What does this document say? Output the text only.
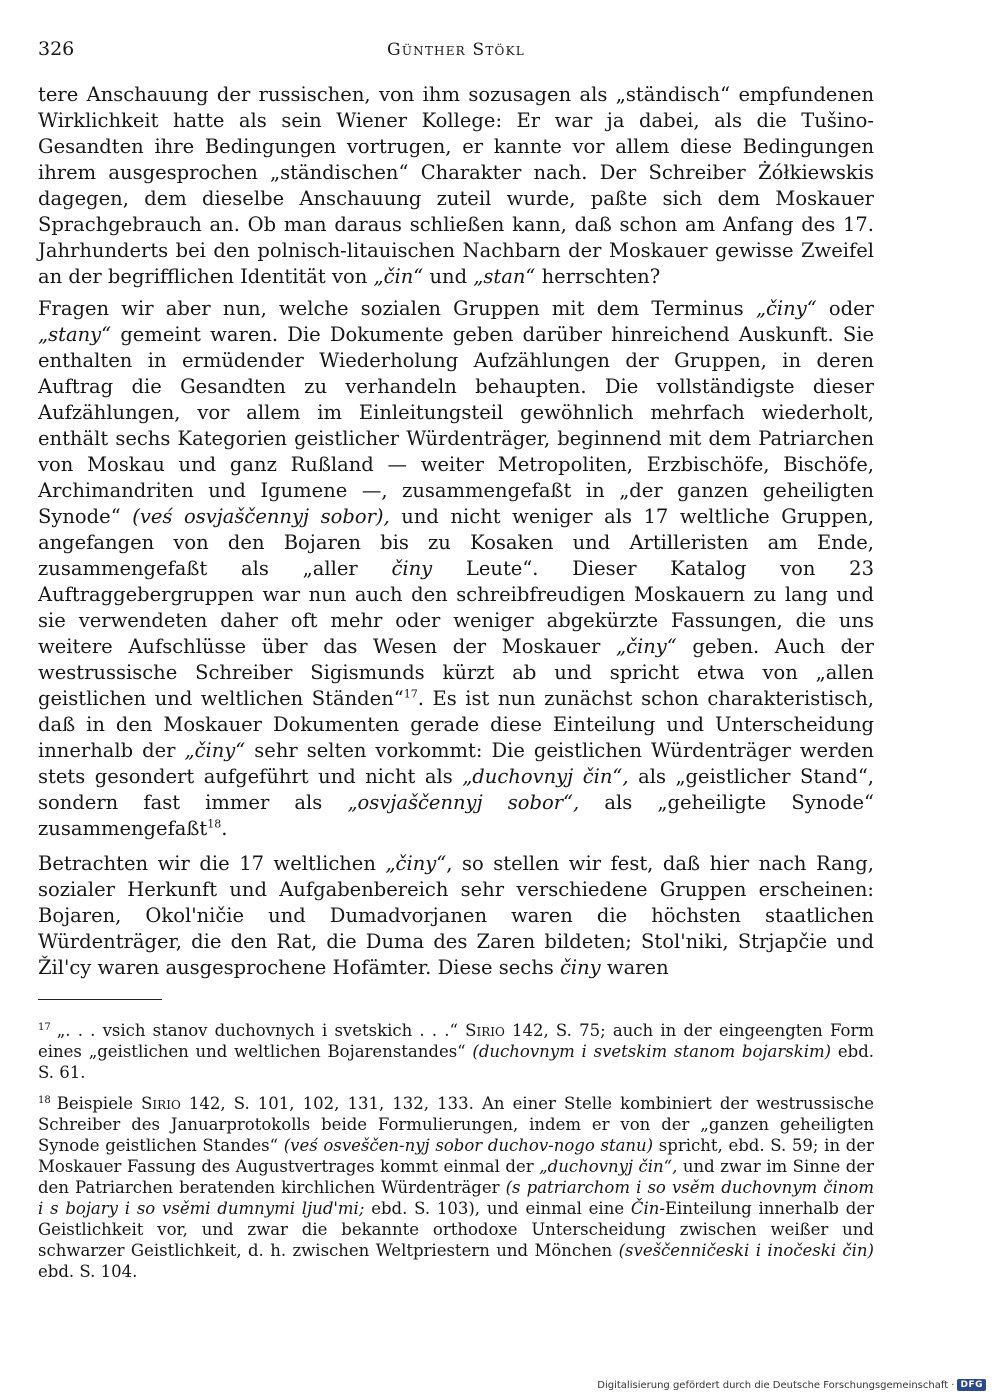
326	Günther Stökl

tere Anschauung der russischen, von ihm sozusagen als „ständisch“ empfundenen Wirklichkeit hatte als sein Wiener Kollege: Er war ja dabei, als die Tušino-Gesandten ihre Bedingungen vortrugen, er kannte vor allem diese Bedingungen ihrem ausgesprochen „ständischen“ Charakter nach. Der Schreiber Żółkiewskis dagegen, dem dieselbe Anschauung zuteil wurde, paßte sich dem Moskauer Sprachgebrauch an. Ob man daraus schließen kann, daß schon am Anfang des 17. Jahrhunderts bei den polnisch-litauischen Nachbarn der Moskauer gewisse Zweifel an der begrifflichen Identität von „čin“ und „stan“ herrschten?

Fragen wir aber nun, welche sozialen Gruppen mit dem Terminus „činy“ oder „stany“ gemeint waren. Die Dokumente geben darüber hinreichend Auskunft. Sie enthalten in ermüdender Wiederholung Aufzählungen der Gruppen, in deren Auftrag die Gesandten zu verhandeln behaupten. Die vollständigste dieser Aufzählungen, vor allem im Einleitungsteil gewöhnlich mehrfach wiederholt, enthält sechs Kategorien geistlicher Würdenträger, beginnend mit dem Patriarchen von Moskau und ganz Rußland — weiter Metropoliten, Erzbischöfe, Bischöfe, Archimandriten und Igumene —, zusammengefaßt in „der ganzen geheiligten Synode“ (veś osvjaščennyj sobor), und nicht weniger als 17 weltliche Gruppen, angefangen von den Bojaren bis zu Kosaken und Artilleristen am Ende, zusammengefaßt als „aller činy Leute“. Dieser Katalog von 23 Auftraggebergruppen war nun auch den schreibfreudigen Moskauern zu lang und sie verwendeten daher oft mehr oder weniger abgekürzte Fassungen, die uns weitere Aufschlüsse über das Wesen der Moskauer „činy“ geben. Auch der westrussische Schreiber Sigismunds kürzt ab und spricht etwa von „allen geistlichen und weltlichen Ständen“$^{17}$. Es ist nun zunächst schon charakteristisch, daß in den Moskauer Dokumenten gerade diese Einteilung und Unterscheidung innerhalb der „činy“ sehr selten vorkommt: Die geistlichen Würdenträger werden stets gesondert aufgeführt und nicht als „duchovnyj čin“, als „geistlicher Stand“, sondern fast immer als „osvjaščennyj sobor“, als „geheiligte Synode“ zusammengefaßt$^{18}$.

Betrachten wir die 17 weltlichen „činy“, so stellen wir fest, daß hier nach Rang, sozialer Herkunft und Aufgabenbereich sehr verschiedene Gruppen erscheinen: Bojaren, Okol'ničie und Dumadvorjanen waren die höchsten staatlichen Würdenträger, die den Rat, die Duma des Zaren bildeten; Stol'niki, Strjapčie und Žil'cy waren ausgesprochene Hofämter. Diese sechs činy waren

$^{17}$ „. . . vsich stanov duchovnych i svetskich . . .“ Sirio 142, S. 75; auch in der eingeengten Form eines „geistlichen und weltlichen Bojarenstandes“ (duchovnym i svetskim stanom bojarskim) ebd. S. 61.

$^{18}$ Beispiele Sirio 142, S. 101, 102, 131, 132, 133. An einer Stelle kombiniert der westrussische Schreiber des Januarprotokolls beide Formulierungen, indem er von der „ganzen geheiligten Synode geistlichen Standes“ (veś osveščen-nyj sobor duchov-nogo stanu) spricht, ebd. S. 59; in der Moskauer Fassung des Augustvertrages kommt einmal der „duchovnyj čin“, und zwar im Sinne der den Patriarchen beratenden kirchlichen Würdenträger (s patriarchom i so vsěm duchovnym činom i s bojary i so vsěmi dumnymi ljud'mi; ebd. S. 103), und einmal eine Čin-Einteilung innerhalb der Geistlichkeit vor, und zwar die bekannte orthodoxe Unterscheidung zwischen weißer und schwarzer Geistlichkeit, d. h. zwischen Weltpriestern und Mönchen (sveščenničeski i inočeski čin) ebd. S. 104.

Digitalisierung gefördert durch die Deutsche Forschungsgemeinschaft · DFG
